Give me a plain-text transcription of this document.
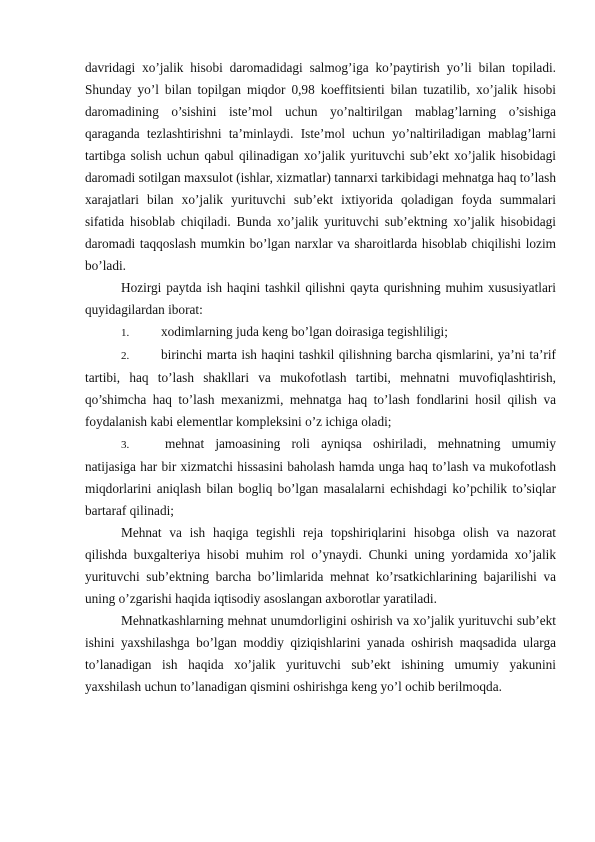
davridagi xo’jalik hisobi daromadidagi salmog’iga ko’paytirish yo’li bilan topiladi. Shunday yo’l bilan topilgan miqdor 0,98 koeffitsienti bilan tuzatilib, xo’jalik hisobi daromadining o’sishini iste’mol uchun yo’naltirilgan mablag’larning o’sishiga qaraganda tezlashtirishni ta’minlaydi. Iste’mol uchun yo’naltiriladigan mablag’larni tartibga solish uchun qabul qilinadigan xo’jalik yurituvchi sub’ekt xo’jalik hisobidagi daromadi sotilgan maxsulot (ishlar, xizmatlar) tannarxi tarkibidagi mehnatga haq to’lash xarajatlari bilan xo’jalik yurituvchi sub’ekt ixtiyorida qoladigan foyda summalari sifatida hisoblab chiqiladi. Bunda xo’jalik yurituvchi sub’ektning xo’jalik hisobidagi daromadi taqqoslash mumkin bo’lgan narxlar va sharoitlarda hisoblab chiqilishi lozim bo’ladi.

Hozirgi paytda ish haqini tashkil qilishni qayta qurishning muhim xususiyatlari quyidagilardan iborat:

1. xodimlarning juda keng bo’lgan doirasiga tegishliligi;

2. birinchi marta ish haqini tashkil qilishning barcha qismlarini, ya’ni ta’rif tartibi, haq to’lash shakllari va mukofotlash tartibi, mehnatni muvofiqlashtirish, qo’shimcha haq to’lash mexanizmi, mehnatga haq to’lash fondlarini hosil qilish va foydalanish kabi elementlar kompleksini o’z ichiga oladi;

3.	mehnat jamoasining roli ayniqsa oshiriladi, mehnatning umumiy natijasiga har bir xizmatchi hissasini baholash hamda unga haq to’lash va mukofotlash miqdorlarini aniqlash bilan bogliq bo’lgan masalalarni echishdagi ko’pchilik to’siqlar bartaraf qilinadi;

Mehnat va ish haqiga tegishli reja topshiriqlarini hisobga olish va nazorat qilishda buxgalteriya hisobi muhim rol o’ynaydi. Chunki uning yordamida xo’jalik yurituvchi sub’ektning barcha bo’limlarida mehnat ko’rsatkichlarining bajarilishi va uning o’zgarishi haqida iqtisodiy asoslangan axborotlar yaratiladi.

Mehnatkashlarning mehnat unumdorligini oshirish va xo’jalik yurituvchi sub’ekt ishini yaxshilashga bo’lgan moddiy qiziqishlarini yanada oshirish maqsadida ularga to’lanadigan ish haqida xo’jalik yurituvchi sub’ekt ishining umumiy yakunini yaxshilash uchun to’lanadigan qismini oshirishga keng yo’l ochib berilmoqda.
